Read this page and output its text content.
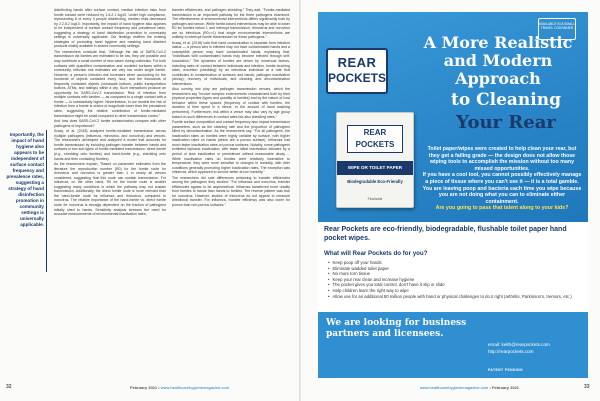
Importantly, the impact of hand hygiene also appears to be independent of surface contact frequency and prevalence rates, suggesting a strategy of hand disinfection promotion in community settings is universally applicable.

disinfecting hands after surface contact, median infection risks from fomite contact were reduced by 1.6-2.1 log10. Under high compliance, representing 8 of every 4 people disinfecting, median risks decreased by 2.2-5.2 log10. Importantly, the impact of hand hygiene also appears to be independent of surface contact frequency and prevalence rates, suggesting a strategy of hand disinfection promotion in community settings is universally applicable. Our findings reaffirm the existing strategies of promoting hand hygiene and masking hand disinfect products widely available in shared community settings.

The researchers conclude that, "Although the risk of SARS-CoV-2 transmission via fomites are estimated to be low, they are possible and may contribute a small number of new cases during outbreaks. For both surfaces with quantified contamination and modeled surfaces within a community, infection risk estimates are very low under single fomite. However, a person's infection risk increases when accounting for the hundreds of objects contacted every hour, and the thousands of frequently contacted objects (crosswalk buttons, public transportation buttons, ATMs, and railings) within a city. Such interactions produce an opportunity for SARS-CoV-2 transmission. Risk of infection from multiple contacts with fomites — as compared to a single contact with a fomite — is substantially higher. Nevertheless, in our models the risk of infection from a fomite is orders of magnitude lower than the prevalence rates, suggesting the relative contribution of fomite-mediated transmission might be small compared to other transmission routes."

And how does SARS-CoV-2 fomite contamination compare with other pathogens of importance?

Kraay, et al. (2018) analyzed fomite-mediated transmission across multiple pathogens (influenza, rhinovirus, and norovirus) and venues. The researchers developed and analyzed a model that accounts for fomite transmission by including pathogen transfer between hands and surfaces in two sub-types of fomite-mediated transmission: direct fomite (e.g., shedding onto fomites) and hand-fomite (e.g., shedding onto hands and then contacting fomites).

As the researchers explain, "Based on parameter estimates from the literature the reproduction number (R0) for the fomite route for rhinovirus and norovirus is greater than 1 in nearly all venues considered, suggesting that this route can sustain transmission. For influenza, on the other hand, R0 for the fomite route is smaller suggesting many conditions in which the pathway may not sustain transmission. Additionally, the direct fomite route is more relevant than the hand-fomite route for influenza and rhinovirus, compared to norovirus. The relative importance of the hand-fomite vs. direct fomite route for norovirus is strongly dependent on the fraction of pathogens initially shed to hands. Sensitivity analysis stresses the need for accurate measurements of environmental inactivation rates,

transfer efficiencies, and pathogen shedding." They add, "Fomite-mediated transmission is an important pathway for the three pathogens examined. The effectiveness of environmental interventions differs significantly both by pathogen and venue. While fomite-based interventions may be able to lower R0 for fomites below 1 and interrupt transmission, rhinovirus and norovirus are so infectious (R0>>1) that single environmental interventions are unlikely to interrupt fomite transmission for these pathogens."

Kraay, et al. (2018) note that hand contamination is separate from infection status — a person who is infected may not have contaminated hands and a susceptible person may have contaminated hands, explaining that, "Individuals with contaminated hands may become infected through self-inoculation." The dynamics of fomites are driven by numerous factors, including rates of: contact between individuals and infection, fomite-touching rates, excretion (shedding) by an infectious individual at a rate that contributes to contamination of surfaces and hands; pathogen inactivation (decay); recovery of individuals; and cleaning and decontamination interventions.

Also coming into play are pathogen transmission venues, which the researchers say "involve complex environments characterized both by their physical properties (types and quantity of fomites) and by the nature of host behavior within these spaces (frequency of contact with fomites, the duration of time spent in a venue, or the amount of hand washing performed). Furthermore, risk within a venue may also vary by age group based on such differences in contact rates but also shedding rates."

Fomite surface composition and contact frequency also impact transmission parameters, such as the cleaning rate and the proportion of pathogens killed by decontamination. As the researchers say, "For all pathogens, the inactivation rates on fomites were highly variable by surface, with higher inactivation rates on hands (which are a porous surface). Influenza had much faster inactivation rates on porous surfaces. Notably, some pathogens exhibited biphasic inactivation, with faster initial inactivation followed by a period of slow inactivation or persistence without measurable decay ... While inactivation rates on fomites were relatively insensitive to temperature, they were more sensitive to changes in humidity, with drier conditions generally promoting higher inactivation rates. The exception was influenza, which appeared to survive better at low humidity."

The researchers did note differences pertaining to transfer efficiencies among the pathogens they studied: "For influenza and norovirus, transfer efficiencies appear to be asymmetrical. Influenza transferred more readily from fomites to hands than hands to fomites. The reverse pattern was true for norovirus. However, studies of rhinovirus do not appear to measure directional transfer. For influenza, transfer efficiency was also lower for porous than non-porous surfaces."

AVAILABLE IN A SMALL TRAVEL CONTAINER
REAR
POCKETS
A More Realistic and Modern Approach
to Cleaning
Your Rear
REAR
POCKETS
WIPE OR TOILET PAPER
Biodegradable Eco-Friendly
Flushable

Toilet paper/wipes were created to help clean your rear, but they get a failing grade — the design does not allow those wiping tools to accomplish the mission without too many missed opportunities.

If you have a cool tool, you cannot possibly effectively manage a piece of tissue where you can't see it — it is a total gamble.

You are leaving poop and bacteria each time you wipe because you are not doing what you can to eliminate either containment.

Are you going to pass that talent along to your kids?

Rear Pockets are eco-friendly, biodegradable, flushable toilet paper hand pocket wipes.
What will Rear Pockets do for you?
• Keep poop off your hands
• Eliminate wadded toilet paper
• No more torn tissue
• Keep your rear clean and increase hygiene
• The pocket gives you total control, don't have it slip or slide
• Help children learn the right way to wipe
• Allow use for an additional 50 million people with hand or physical challenges to do it right (arthritis, Parkinson's, tremors, etc.)
We are looking for business partners and licensees.
email: keith@rearpockets.com
http://rearpockets.com
PATENT PENDING
32	February 2021 • www.healthcarehygienemagazine.com	www.healthcarehygienemagazine.com • February 2021	33
